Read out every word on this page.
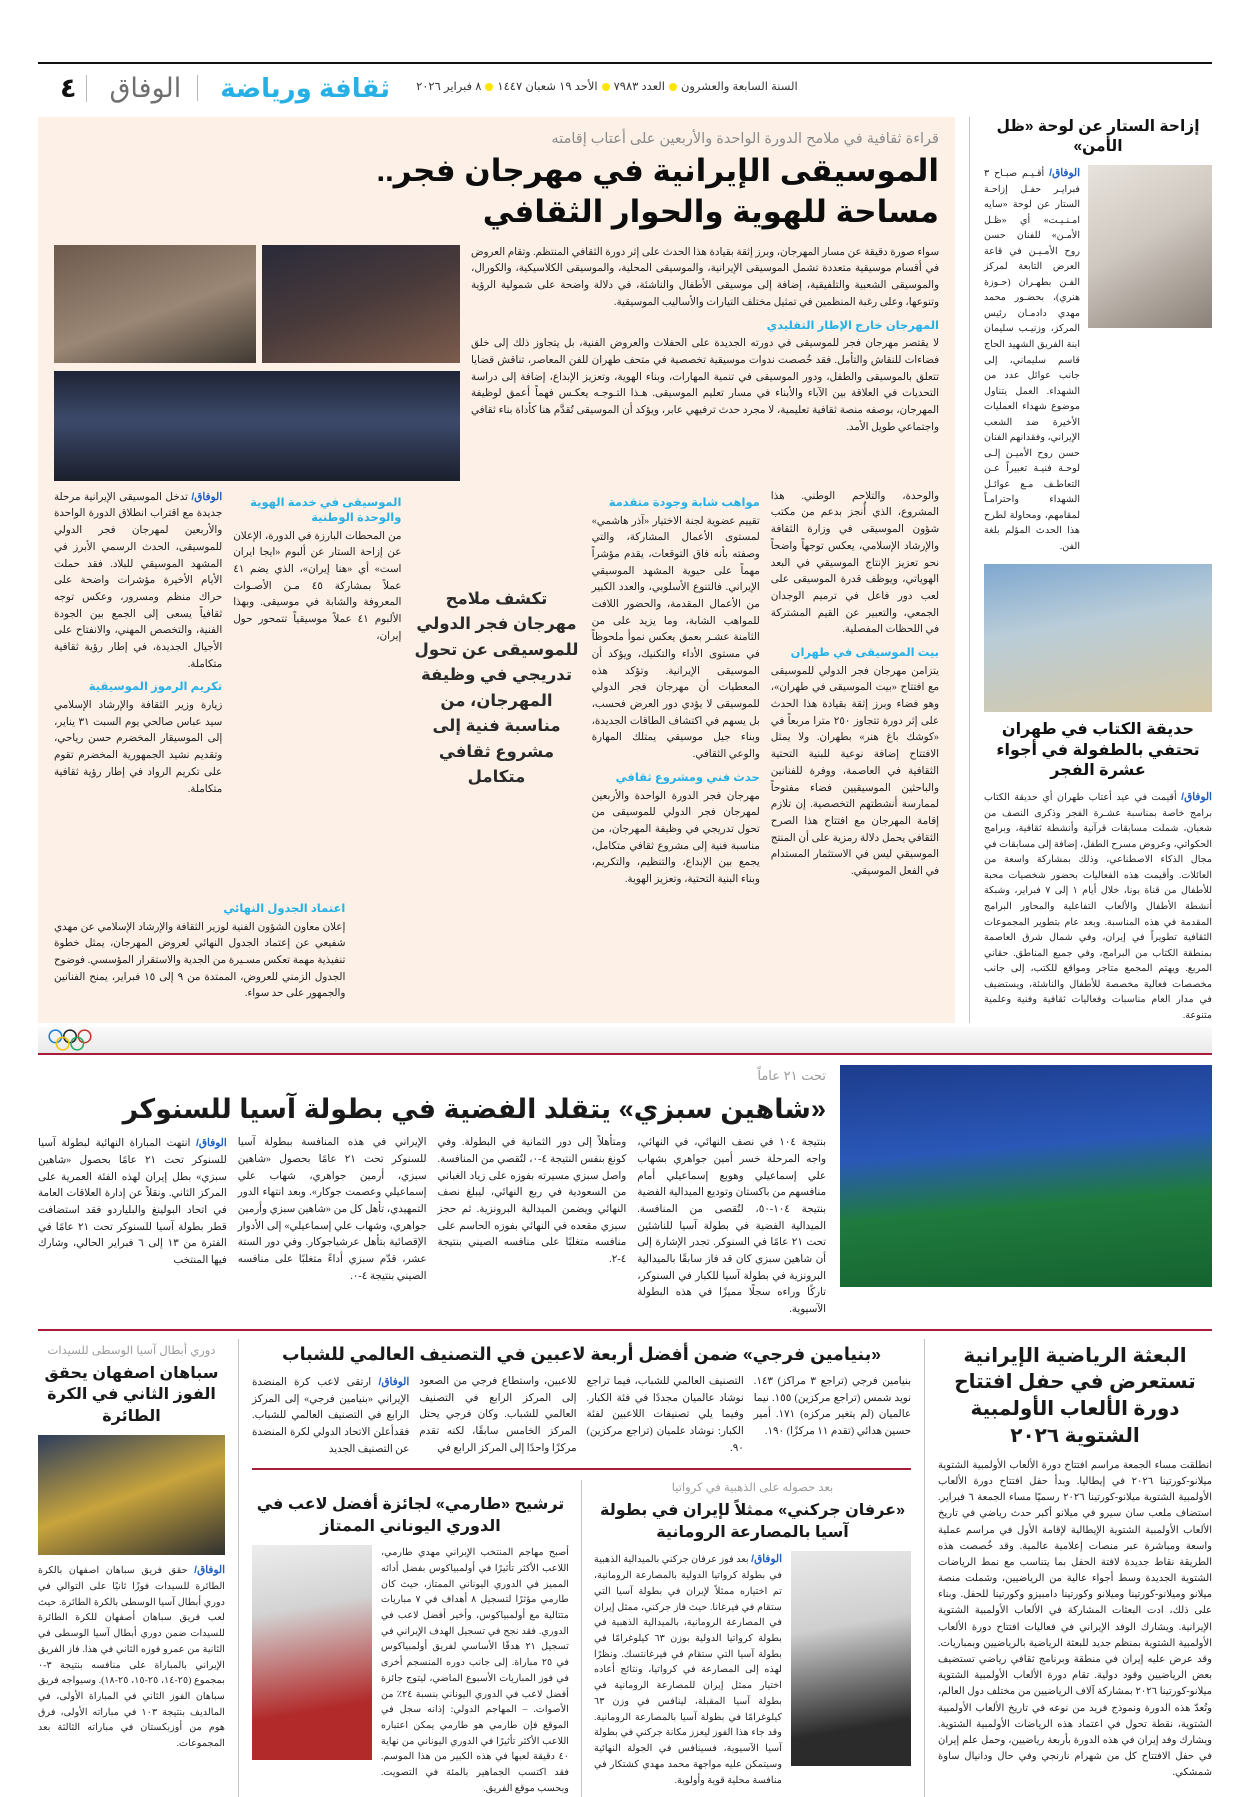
٤	الوفاق	ثقافة ورياضة	السنة السابعة والعشرونالعدد ٧٩٨٣الأحد ١٩ شعبان ١٤٤٧٨ فبراير ٢٠٢٦
إزاحة الستار عن لوحة «ظل الأمن»
الوفاق/ أقـيـم صبـاح ٣ فبرايـر حفـل إزاحـة الستار عن لوحة «سايه امـنـيـت» أي «ظـل الأمـن» للفنان حسن روح الأمـيـن في قاعة العرض التابعة لمركز الفـن بطهـران (حـوزة هنري)، بحضـور محمد مهدي دادمـان رئيس المركز، وزنيـب سليمان ابنة الفريق الشهيد الحاج قاسم سليماني، إلى جانب عوائل عدد من الشهداء. العمل يتناول موضوع شهداء العمليات الأخيرة ضد الشعب الإيراني، وفقدانهم الفنان حسن روح الأميـن إلـى لوحـة فنيـة تعبيراً عـن التعاطـف مـع عوائـل الشهداء واحترامـاً لمقامهم، ومحاولة لطرح هذا الحدث المؤلم بلغة الفن.
حديقة الكتاب في طهران تحتفي بالطفولة في أجواء عشرة الفجر
الوفاق/ أقيمت في عيد أعتاب طهران أي حديقة الكتاب برامج خاصة بمناسبة عشـرة الفجر وذكرى النصف من شعبان، شملت مسابقات قرآنية وأنشطة ثقافية، وبرامج الحكواتي، وعروض مسرح الطفل، إضافة إلى مسابقات في مجال الذكاء الاصطناعي، وذلك بمشاركة واسعة من العائلات. وأقيمت هذه الفعاليات بحضور شخصيات محبة للأطفال من قناة بونا، خلال أيام ١ إلى ٧ فبراير، وشبكة أنشطة الأطفال والألعاب التفاعلية والمحاور البرامج المقدمة في هذه المناسبة. وبعد عام بتطوير المجموعات الثقافية تطويراً في إيران، وفي شمال شرق العاصمة بمنطقة الكتاب من البرامج، وفي جميع المناطق. حقاني المربع. ويهتم المجمع متاجر ومواقع للكتب، إلى جانب مخصصات فعالية مخصصة للأطفال والناشئة، ويستضيف في مدار العام مناسبات وفعاليات ثقافية وفنية وعلمية متنوعة.
قراءة ثقافية في ملامح الدورة الواحدة والأربعين على أعتاب إقامته
الموسيقى الإيرانية في مهرجان فجر..
مساحة للهوية والحوار الثقافي
سواء صورة دقيقة عن مسار المهرجان، وبرز إثقة بقيادة هذا الحدث على إثر دورة الثقافي المنتظم. وتقام العروض في أقسام موسيقية متعددة تشمل الموسيقى الإيرانية، والموسيقى المحلية، والموسيقى الكلاسيكية، والكورال، والموسيقى الشعبية والتلفيقية، إضافة إلى موسيقى الأطفال والناشئة، في دلالة واضحة على شمولية الرؤية وتنوعها، وعلى رغبة المنظمين في تمثيل مختلف التيارات والأساليب الموسيقية.
المهرجان خارج الإطار التقليدي
لا يقتصر مهرجان فجر للموسيقى في دورته الجديدة على الحفلات والعروض الفنية، بل يتجاوز ذلك إلى خلق فضاءات للنقاش والتأمل. فقد خُصصت ندوات موسيقية تخصصية في متحف طهران للفن المعاصر، تناقش قضايا تتعلق بالموسيقى والطفل، ودور الموسيقى في تنمية المهارات، وبناء الهوية، وتعزيز الإبداع، إضافة إلى دراسة التحديات في العلاقة بين الآباء والأبناء في مسار تعليم الموسيقى. هـذا التـوجـه يعكـس فهماً أعمق لوظيفة المهرجان، بوصفه منصة ثقافية تعليمية، لا مجرد حدث ترفيهي عابر، ويؤكد أن الموسيقى تُقدَّم هنا كأداة بناء ثقافي واجتماعي طويل الأمد.
والوحدة، والتلاحم الوطني. هذا المشروع، الذي أُنجز بدعم من مكتب شؤون الموسيقى في وزارة الثقافة والإرشاد الإسلامي، يعكس توجهاً واضحاً نحو تعزيز الإنتاج الموسيقي في البعد الهوياتي، ويوظف قدرة الموسيقى على لعب دور فاعل في ترميم الوجدان الجمعي، والتعبير عن القيم المشتركة في اللحظات المفصلية.
بيت الموسيقى في طهران
يتزامن مهرجان فجر الدولي للموسيقى مع افتتاح «بيت الموسيقى في طهران»، وهو فضاء وبرز إثقة بقيادة هذا الحدث على إثر دورة تتجاوز ٢٥٠ مترا مربعاً في «كوشك باغ هنر» بطهران. ولا يمثل الافتتاح إضافة نوعية للبنية التحتية الثقافية في العاصمة، ووفرة للفنانين والباحثين الموسيقيين فضاء مفتوحاً لممارسة أنشطتهم التخصصية. إن تلازم إقامة المهرجان مع افتتاح هذا الصرح الثقافي يحمل دلالة رمزية على أن المنتج الموسيقي ليس في الاستثمار المستدام في الفعل الموسيقي.
مواهب شابة وجودة متقدمة
تقييم عضوية لجنة الاختيار «آذر هاشمي» لمستوى الأعمال المشاركة، والتي وصفته بأنه فاق التوقعات، يقدم مؤشراً مهماً على حيوية المشهد الموسيقي الإيراني. فالتنوع الأسلوبي، والعدد الكبير من الأعمال المقدمة، والحضور اللافت للمواهب الشابة، وما يزيد على من الثامنة عشـر بعمق يعكس نموأ ملحوظاً في مستوى الأداء والتكنيك، ويؤكد أن الموسيقى الإيرانية. وتؤكد هذه المعطيات أن مهرجان فجر الدولي للموسيقى لا يؤدي دور العرض فحسب، بل يسهم في اكتشاف الطاقات الجديدة، وبناء جيل موسيقي يمتلك المهارة والوعي الثقافي.
حدث فني ومشروع ثقافي
مهرجان فجر الدورة الواحدة والأربعين لمهرجان فجر الدولي للموسيقى من تحول تدريجي في وظيفة المهرجان، من مناسبة فنية إلى مشروع ثقافي متكامل، يجمع بين الإبداع، والتنظيم، والتكريم، وبناء البنية التحتية، وتعزيز الهوية.
تكشف ملامح مهرجان فجر الدولي للموسيقى عن تحول تدريجي في وظيفة المهرجان، من مناسبة فنية إلى مشروع ثقافي متكامل
الموسيقى في خدمة الهوية والوحدة الوطنية
من المحطات البارزة في الدورة، الإعلان عن إزاحة الستار عن ألبوم «ايجا ايران است» أي «هنا إيران»، الذي يضم ٤١ عملاً بمشاركة ٤٥ مـن الأصـوات المعروفة والشابة في موسيقى. وبهذا الألبوم ٤١ عملاً موسيقياً تتمحور حول إيران،
الوفاق/ تدخل الموسيقى الإيرانية مرحلة جديدة مع اقتراب انطلاق الدورة الواحدة والأربعين لمهرجان فجر الدولي للموسيقى، الحدث الرسمي الأبرز في المشهد الموسيقي للبلاد. فقد حملت الأيام الأخيرة مؤشرات واضحة على حراك منظم ومسرور، وعكس توجه ثقافياً يسعى إلى الجمع بين الجودة الفنية، والتخصص المهني، والانفتاح على الأجيال الجديدة، في إطار رؤية ثقافية متكاملة.
تكريم الرموز الموسيقية
زيارة وزير الثقافة والإرشاد الإسلامي سيد عباس صالحي يوم السبت ٣١ يناير، إلى الموسيقار المخضرم حسن رياحي، وتقديم نشيد الجمهورية المخضرم تقوم على تكريم الرواد في إطار رؤية ثقافية متكاملة.
اعتماد الجدول النهائي
إعلان معاون الشؤون الفنية لوزير الثقافة والإرشاد الإسلامي عن مهدي شفيعي عن إعتماد الجدول النهائي لعروض المهرجان، يمثل خطوة تنفيذية مهمة تعكس مسـيرة من الجدية والاستقرار المؤسسي. فوضوح الجدول الزمني للعروض، الممتدة من ٩ إلى ١٥ فبراير، يمنح الفنانين والجمهور على حد سواء.
تحت ٢١ عاماً
«شاهين سبزي» يتقلد الفضية في بطولة آسيا للسنوكر
بنتيجة ١٠٤ في نصف النهائي، في النهائي، واجه المرحلة خسر أمين جواهري بشهاب علي إسماعيلي وهوبع إسماعيلي أمام منافسهم من باكستان وتوديع الميدالية الفضية بنتيجة ١٠٤-٥٠، لتُقصى من المنافسة. الميدالية الفضية في بطولة آسيا للناشئين تحت ٢١ عامًا في السنوكر. تجدر الإشارة إلى أن شاهين سبزي كان قد فاز سابقًا بالميدالية البرونزية في بطولة آسيا للكبار في السنوكر، تاركًا وراءه سجلًا مميزًا في هذه البطولة الآسيوية.
ومتأهلاً إلى دور الثمانية في البطولة. وفي كونغ بنفس النتيجة ٤-٠، لتُقصي من المنافسة. واصل سبزي مسيرته بفوزه على زياد الغباني من السعودية في ربع النهائي، ليبلغ نصف النهائي ويضمن الميدالية البرونزية. ثم حجز سبزي مقعده في النهائي بفوزه الحاسم على منافسه متغلبًا على منافسه الصيني بنتيجة ٤-٢.
الإيراني في هذه المنافسة ببطولة آسيا للسنوكر تحت ٢١ عامًا بحصول «شاهين سبزي، أرمين جواهري، شهاب علي إسماعيلي وعصمت جوكار». وبعد انتهاء الدور التمهيدي، تأهل كل من «شاهين سبزي وأرمين جواهري، وشهاب علي إسماعيلي» إلى الأدوار الإقصائية بتأهل عرشياجوكار. وفي دور الستة عشر، قدّم سبزي أداءً متغلبًا على منافسه الصيني بنتيجة ٤-٠.
الوفاق/ انتهت المباراة النهائية لبطولة آسيا للسنوكر تحت ٢١ عامًا بحصول «شاهين سبزي» بطل إيران لهذه الفئة العمرية على المركز الثاني. ونقلاً عن إدارة العلاقات العامة في اتحاد البولينغ والبلياردو فقد استضافت قطر بطولة آسيا للسنوكر تحت ٢١ عامًا في الفترة من ١٣ إلى ٦ فبراير الحالي، وشارك فيها المنتخب
البعثة الرياضية الإيرانية تستعرض في حفل افتتاح دورة الألعاب الأولمبية الشتوية ٢٠٢٦
انطلقت مساء الجمعة مراسم افتتاح دورة الألعاب الأولمبية الشتوية ميلانو-كورتينا ٢٠٢٦ في إيطاليا. وبدأ حفل افتتاح دورة الألعاب الأولمبية الشتوية ميلانو-كورتينا ٢٠٢٦ رسميًا مساء الجمعة ٦ فبراير. استضاف ملعب سان سيرو في ميلانو أكبر حدث رياضي في تاريخ الألعاب الأولمبية الشتوية الإيطالية لإقامة الأول في مراسم عملية واسعة ومباشرة عبر منصات إعلامية عالمية. وقد خُصصت هذه الطريقة نقاط جديدة لافتة الحفل بما يتناسب مع نمط الرياضات الشتوية الجديدة وسط أجواء عالية من الرياضيين، وشملت منصة ميلانو وميلانو-كورتينا وميلانو وكورتينا دامبيزو وكورتينا للحفل. وبناء على ذلك، ادت البعثات المشاركة في الألعاب الأولمبية الشتوية الإيرانية. ويشارك الوفد الإيراني في فعاليات افتتاح دورة الألعاب الأولمبية الشتوية بمنظم جديد للبعثة الرياضية بالرياضيين وبمباريات. وقد عرض عليه إيران في منطقة وبرنامج ثقافي رياضي تستضيف بعض الرياضيين وقود دولية. تقام دورة الألعاب الأولمبية الشتوية ميلانو-كورتينا ٢٠٢٦ بمشاركة آلاف الرياضيين من مختلف دول العالم، وتُعدّ هذه الدورة ونموذج فريد من نوعه في تاريخ الألعاب الأولمبية الشتوية، نقطة تحول في اعتماد هذه الرياضات الأولمبية الشتوية. ويشارك وفد إيران في هذه الدورة بأربعة رياضيين، وحمل علم إيران في حفل الافتتاح كل من شهرام نارنجي وفي حال ودانيال ساوة شمشكي.
«بنيامين فرجي» ضمن أفضل أربعة لاعبين في التصنيف العالمي للشباب
بنيامين فرجي (تراجع ٣ مراكز) ١٤٣. نويد شمس (تراجع مركزين) ١٥٥. نيما عالميان (لم يتغير مركزه) ١٧١. أمير حسين هدائي (تقدم ١١ مركزًا) ١٩٠.
التصنيف العالمي للشباب، فيما تراجع نوشاد عالميان مجددًا في فئة الكبار. وفيما يلي تصنيفات اللاعبين لفئة الكبار: نوشاد علميان (تراجع مركزين) ٩٠.
للاعبين، واستطاع فرجي من الصعود إلى المركز الرابع في التصنيف العالمي للشباب. وكان فرجي يحتل المركز الخامس سابقًا، لكنه تقدم مركزًا واحدًا إلى المركز الرابع في
الوفاق/ ارتقى لاعب كرة المنضدة الإيراني «بنيامين فرجي» إلى المركز الرابع في التصنيف العالمي للشباب. فقدأعلن الاتحاد الدولي لكرة المنضدة عن التصنيف الجديد
بعد حصوله على الذهبية في كرواتيا
«عرفان جركني» ممثلاً لإيران في بطولة آسيا بالمصارعة الرومانية
الوفاق/ بعد فوز عرفان جركني بالميدالية الذهبية في بطولة كرواتيا الدولية بالمصارعة الرومانية، تم اختياره ممثلاً لإيران في بطولة آسيا التي ستقام في فيرغانا. حيث فاز جركني، ممثل إيران في المصارعة الرومانية، بالميدالية الذهبية في بطولة كرواتيا الدولية بوزن ٦٣ كيلوغرامًا في بطولة آسيا التي ستقام في فيرغانتسك. ونظرًا لهذه إلى المصارعة في كرواتيا، ونتائج أعاده اختيار ممثل إيران للمصارعة الرومانية في بطولة آسيا المقبلة، لينافس في وزن ٦٣ كيلوغرامًا في بطولة آسيا بالمصارعة الرومانية. وقد جاء هذا الفوز ليعزز مكانة جركني في بطولة آسيا الآسيوية، فسينافس في الجولة النهائية وسيتمكن عليه مواجهة محمد مهدي كشتكار في منافسة محلية قوية وأولوية.
ترشيح «طارمي» لجائزة أفضل لاعب في الدوري اليوناني الممتاز
أصبح مهاجم المنتخب الإيراني مهدي طارمي، اللاعب الأكثر تأثيرًا في أولمبياكوس بفضل أدائه المميز في الدوري اليوناني الممتاز، حيث كان طارمي مؤثرًا لتسجيل ٨ أهداف في ٧ مباريات متتالية مع أولمبياكوس، وأخير أفضل لاعب في الدوري. فقد نجح في تسجيل الهدف الإيراني في تسجيل ٢١ هدفًا الأساسي لفريق أولمبياكوس في ٢٥ مباراة. إلى جانب دوره المنسجم أخرى في فوز المباريات الأسبوع الماضي، ليتوج جائزة أفضل لاعب في الدوري اليوناني بنسبة ٢٤٪ من الأصوات. – المهاجم الدولي: إذانه سجل في الموقع فإن طارمي هو طارمي يمكن اعتباره اللاعب الأكثر تأثيرًا في الدوري اليوناني من نهاية ٤٠ دقيقة لعبها في هذه الكبير من هذا الموسم. فقد اكتسب الجماهير بالمئة في التصويت. وبحسب موقع الفريق.
دوري أبطال آسيا الوسطى للسيدات
سباهان اصفهان يحقق الفوز الثاني في الكرة الطائرة
الوفاق/ حقق فريق سباهان اصفهان بالكرة الطائرة للسيدات فوزًا ثانيًا على التوالي في دوري أبطال آسيا الوسطى بالكرة الطائرة. حيث لعب فريق سباهان أصفهان للكرة الطائرة للسيدات ضمن دوري أبطال آسيا الوسطى في الثانية من عمرو فوزه الثاني في هذا. فاز الفريق الإيراني بالمباراة على منافسه بنتيجة ٣-٠ بمجموع (٢٥-١٤، ٢٥-١٥، ٢٥-١٨). وسيواجه فريق سباهان الفوز الثاني في المباراة الأولى، في المالديف بنتيجة ١٠٣ في مباراته الأولى، فرق هوم من أوزبكستان في مباراته الثالثة بعد المجموعات.
